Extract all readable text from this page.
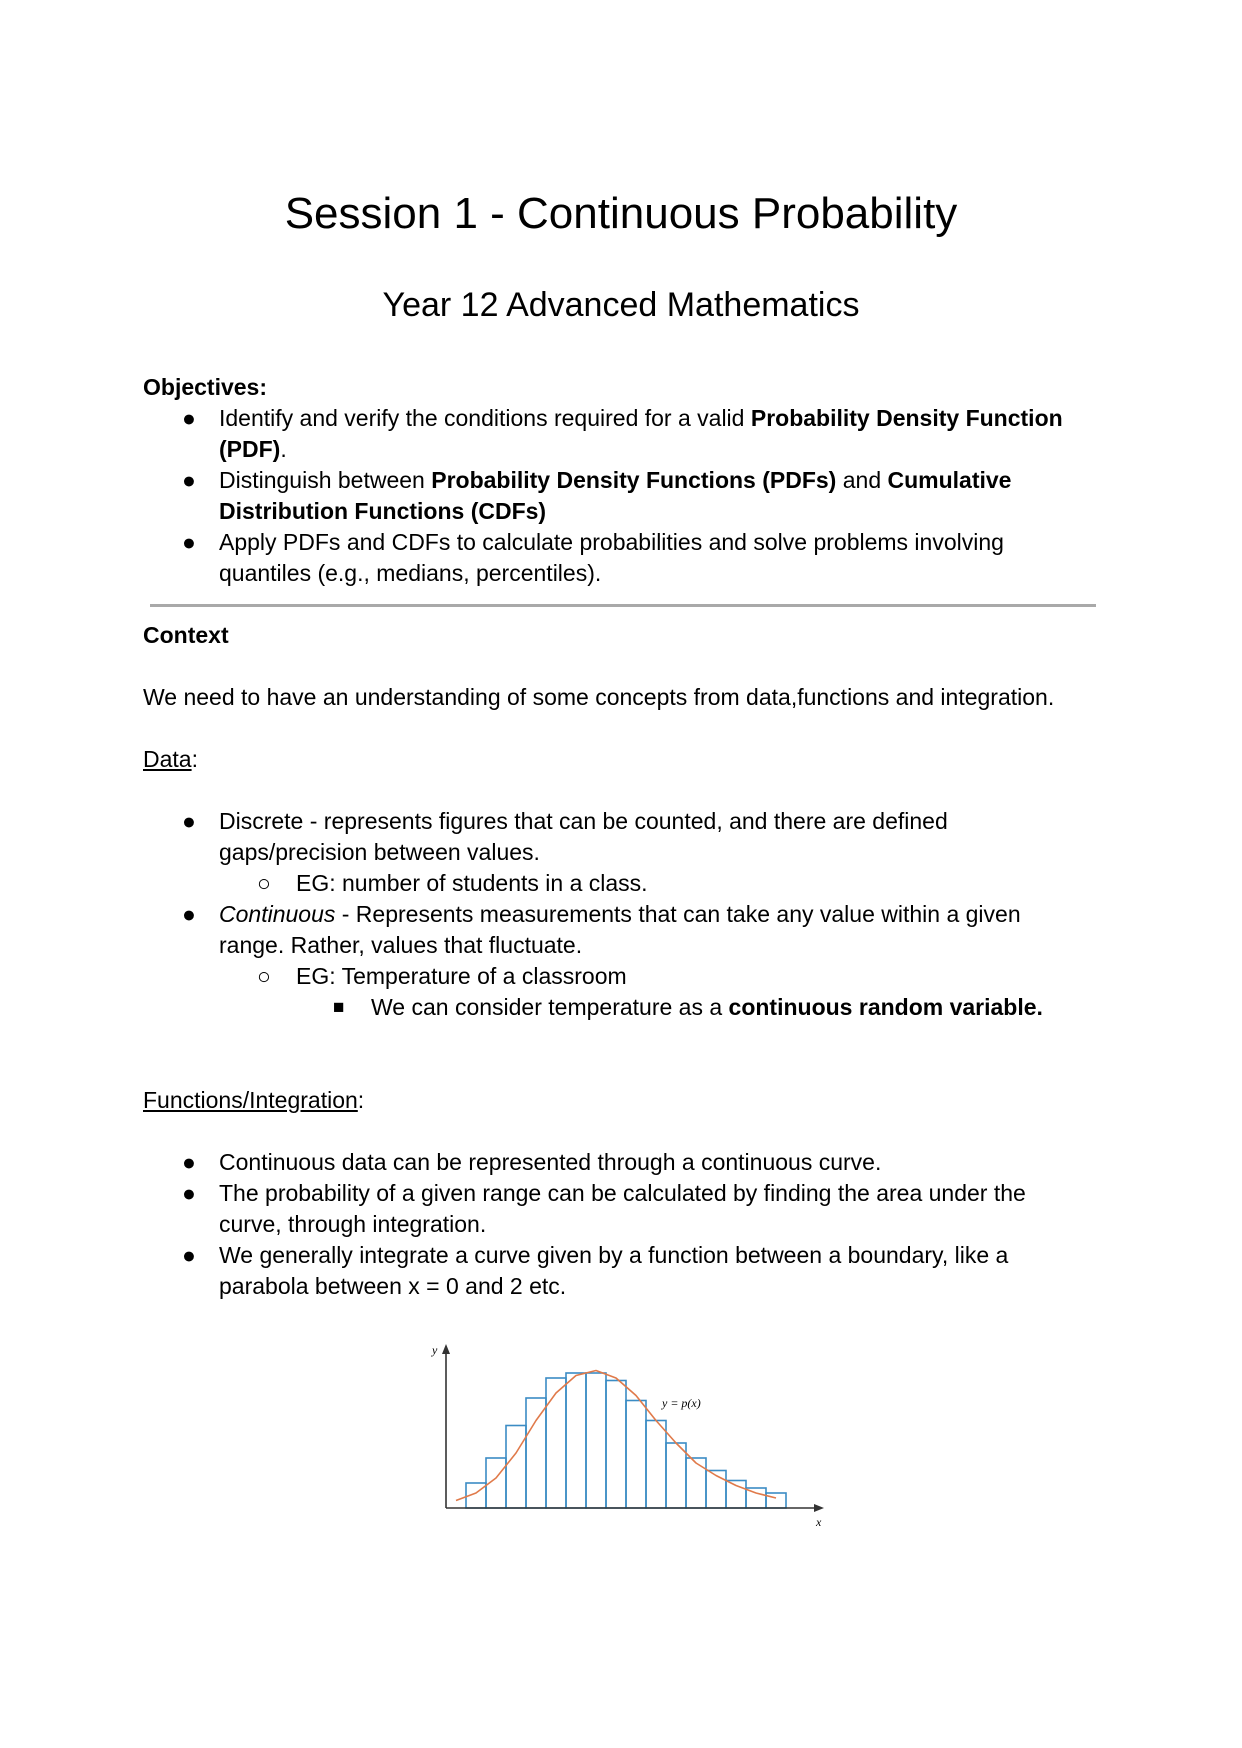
Session 1 - Continuous Probability
Year 12 Advanced Mathematics
Objectives:
● Identify and verify the conditions required for a valid Probability Density Function
(PDF).
● Distinguish between Probability Density Functions (PDFs) and Cumulative
Distribution Functions (CDFs)
● Apply PDFs and CDFs to calculate probabilities and solve problems involving
quantiles (e.g., medians, percentiles).
Context
We need to have an understanding of some concepts from data,functions and integration.
Data:
● Discrete - represents figures that can be counted, and there are defined
gaps/precision between values.
○ EG: number of students in a class.
● Continuous - Represents measurements that can take any value within a given
range. Rather, values that fluctuate.
○ EG: Temperature of a classroom
■ We can consider temperature as a continuous random variable.
Functions/Integration:
● Continuous data can be represented through a continuous curve.
● The probability of a given range can be calculated by finding the area under the
curve, through integration.
● We generally integrate a curve given by a function between a boundary, like a
parabola between x = 0 and 2 etc.
y
x
y = p(x)
